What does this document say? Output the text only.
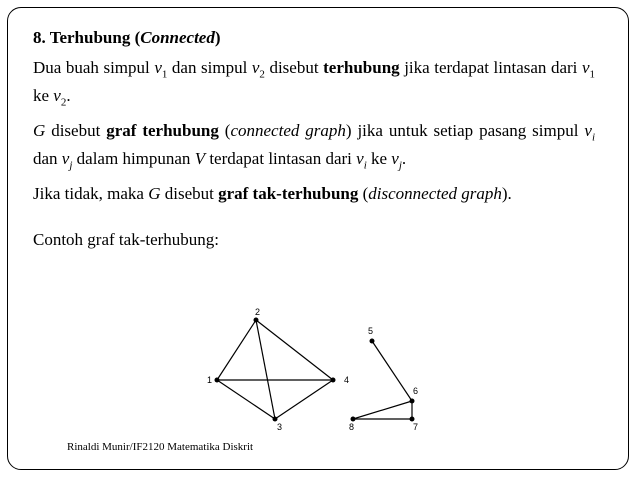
8. Terhubung (Connected)

Dua buah simpul $v_1$ dan simpul $v_2$ disebut terhubung jika terdapat lintasan dari $v_1$ ke $v_2$.

G disebut graf terhubung (connected graph) jika untuk setiap pasang simpul $v_i$ dan $v_j$ dalam himpunan V terdapat lintasan dari $v_i$ ke $v_j$.

Jika tidak, maka G disebut graf tak-terhubung (disconnected graph).

Contoh graf tak-terhubung:

1
2
3
4
5
6
7
8
Rinaldi Munir/IF2120 Matematika Diskrit
